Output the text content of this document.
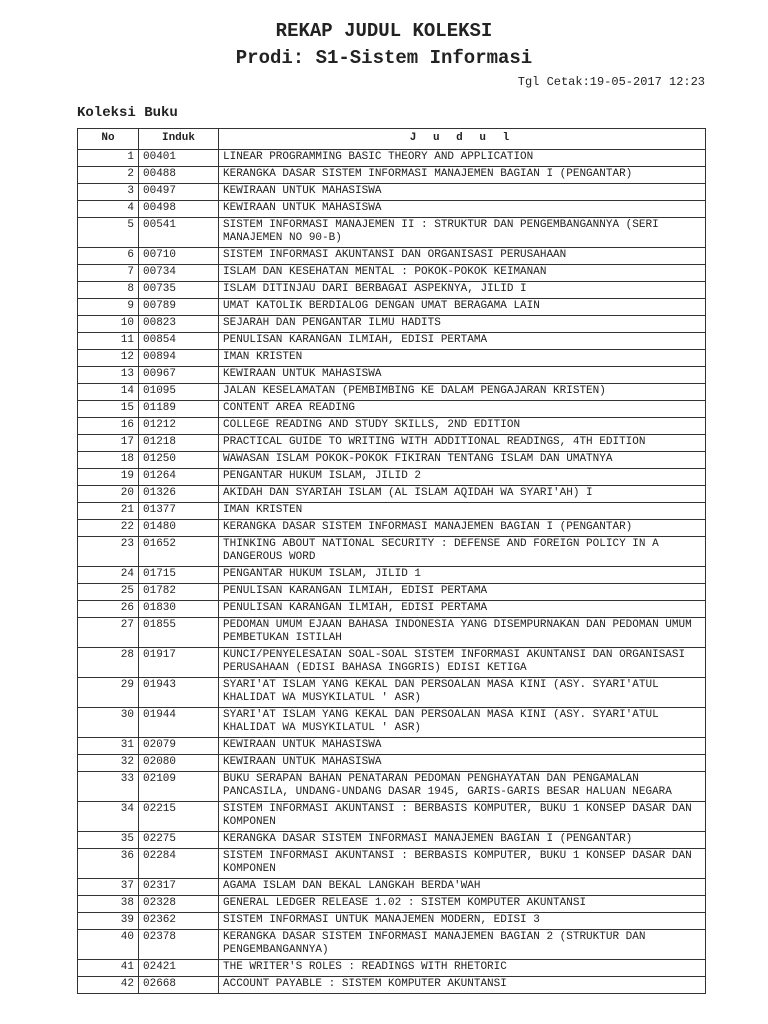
REKAP JUDUL KOLEKSI
Prodi: S1-Sistem Informasi
Tgl Cetak:19-05-2017 12:23
Koleksi Buku
No	Induk	J u d u l
1	00401	LINEAR PROGRAMMING BASIC THEORY AND APPLICATION
2	00488	KERANGKA DASAR SISTEM INFORMASI MANAJEMEN BAGIAN I (PENGANTAR)
3	00497	KEWIRAAN UNTUK MAHASISWA
4	00498	KEWIRAAN UNTUK MAHASISWA
5	00541	SISTEM INFORMASI MANAJEMEN II : STRUKTUR DAN PENGEMBANGANNYA (SERI MANAJEMEN NO 90-B)
6	00710	SISTEM INFORMASI AKUNTANSI DAN ORGANISASI PERUSAHAAN
7	00734	ISLAM DAN KESEHATAN MENTAL : POKOK-POKOK KEIMANAN
8	00735	ISLAM DITINJAU DARI BERBAGAI ASPEKNYA, JILID I
9	00789	UMAT KATOLIK BERDIALOG DENGAN UMAT BERAGAMA LAIN
10	00823	SEJARAH DAN PENGANTAR ILMU HADITS
11	00854	PENULISAN KARANGAN ILMIAH, EDISI PERTAMA
12	00894	IMAN KRISTEN
13	00967	KEWIRAAN UNTUK MAHASISWA
14	01095	JALAN KESELAMATAN (PEMBIMBING KE DALAM PENGAJARAN KRISTEN)
15	01189	CONTENT AREA READING
16	01212	COLLEGE READING AND STUDY SKILLS, 2ND EDITION
17	01218	PRACTICAL GUIDE TO WRITING WITH ADDITIONAL READINGS, 4TH EDITION
18	01250	WAWASAN ISLAM POKOK-POKOK FIKIRAN TENTANG ISLAM DAN UMATNYA
19	01264	PENGANTAR HUKUM ISLAM, JILID 2
20	01326	AKIDAH DAN SYARIAH ISLAM (AL ISLAM AQIDAH WA SYARI'AH) I
21	01377	IMAN KRISTEN
22	01480	KERANGKA DASAR SISTEM INFORMASI MANAJEMEN BAGIAN I (PENGANTAR)
23	01652	THINKING ABOUT NATIONAL SECURITY : DEFENSE AND FOREIGN POLICY IN A DANGEROUS WORD
24	01715	PENGANTAR HUKUM ISLAM, JILID 1
25	01782	PENULISAN KARANGAN ILMIAH, EDISI PERTAMA
26	01830	PENULISAN KARANGAN ILMIAH, EDISI PERTAMA
27	01855	PEDOMAN UMUM EJAAN BAHASA INDONESIA YANG DISEMPURNAKAN DAN PEDOMAN UMUM PEMBETUKAN ISTILAH
28	01917	KUNCI/PENYELESAIAN SOAL-SOAL SISTEM INFORMASI AKUNTANSI DAN ORGANISASI PERUSAHAAN (EDISI BAHASA INGGRIS) EDISI KETIGA
29	01943	SYARI'AT ISLAM YANG KEKAL DAN PERSOALAN MASA KINI (ASY. SYARI'ATUL KHALIDAT WA MUSYKILATUL ' ASR)
30	01944	SYARI'AT ISLAM YANG KEKAL DAN PERSOALAN MASA KINI (ASY. SYARI'ATUL KHALIDAT WA MUSYKILATUL ' ASR)
31	02079	KEWIRAAN UNTUK MAHASISWA
32	02080	KEWIRAAN UNTUK MAHASISWA
33	02109	BUKU SERAPAN BAHAN PENATARAN PEDOMAN PENGHAYATAN DAN PENGAMALAN PANCASILA, UNDANG-UNDANG DASAR 1945, GARIS-GARIS BESAR HALUAN NEGARA
34	02215	SISTEM INFORMASI AKUNTANSI : BERBASIS KOMPUTER, BUKU 1 KONSEP DASAR DAN KOMPONEN
35	02275	KERANGKA DASAR SISTEM INFORMASI MANAJEMEN BAGIAN I (PENGANTAR)
36	02284	SISTEM INFORMASI AKUNTANSI : BERBASIS KOMPUTER, BUKU 1 KONSEP DASAR DAN KOMPONEN
37	02317	AGAMA ISLAM DAN BEKAL LANGKAH BERDA'WAH
38	02328	GENERAL LEDGER RELEASE 1.02 : SISTEM KOMPUTER AKUNTANSI
39	02362	SISTEM INFORMASI UNTUK MANAJEMEN MODERN, EDISI 3
40	02378	KERANGKA DASAR SISTEM INFORMASI MANAJEMEN BAGIAN 2 (STRUKTUR DAN PENGEMBANGANNYA)
41	02421	THE WRITER'S ROLES : READINGS WITH RHETORIC
42	02668	ACCOUNT PAYABLE : SISTEM KOMPUTER AKUNTANSI
